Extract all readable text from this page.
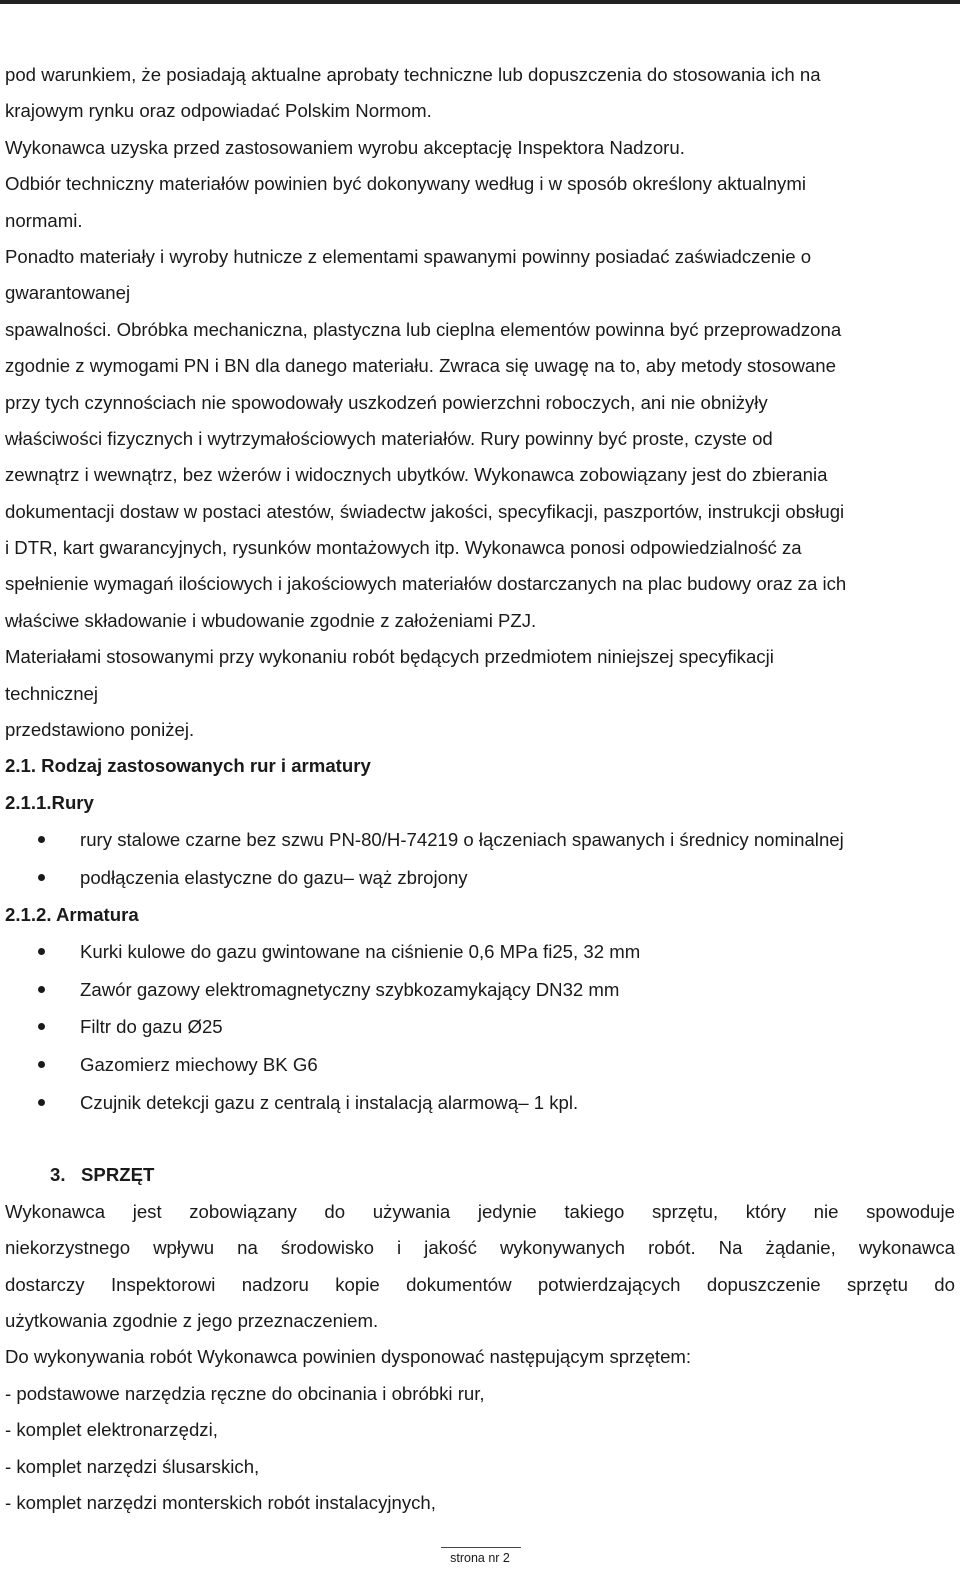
pod warunkiem, że posiadają aktualne aprobaty techniczne lub dopuszczenia do stosowania ich na
krajowym rynku oraz odpowiadać Polskim Normom.
Wykonawca uzyska przed zastosowaniem wyrobu akceptację Inspektora Nadzoru.
Odbiór techniczny materiałów powinien być dokonywany według i w sposób określony aktualnymi
normami.
Ponadto materiały i wyroby hutnicze z elementami spawanymi powinny posiadać zaświadczenie o
gwarantowanej
spawalności. Obróbka mechaniczna, plastyczna lub cieplna elementów powinna być przeprowadzona
zgodnie z wymogami PN i BN dla danego materiału. Zwraca się uwagę na to, aby metody stosowane
przy tych czynnościach nie spowodowały uszkodzeń powierzchni roboczych, ani nie obniżyły
właściwości fizycznych i wytrzymałościowych materiałów. Rury powinny być proste, czyste od
zewnątrz i wewnątrz, bez wżerów i widocznych ubytków. Wykonawca zobowiązany jest do zbierania
dokumentacji dostaw w postaci atestów, świadectw jakości, specyfikacji, paszportów, instrukcji obsługi
i DTR, kart gwarancyjnych, rysunków montażowych itp. Wykonawca ponosi odpowiedzialność za
spełnienie wymagań ilościowych i jakościowych materiałów dostarczanych na plac budowy oraz za ich
właściwe składowanie i wbudowanie zgodnie z założeniami PZJ.
Materiałami stosowanymi przy wykonaniu robót będących przedmiotem niniejszej specyfikacji
technicznej
przedstawiono poniżej.
2.1. Rodzaj zastosowanych rur i armatury
2.1.1.Rury
rury stalowe czarne bez szwu PN-80/H-74219 o łączeniach spawanych i średnicy nominalnej
podłączenia elastyczne do gazu– wąż zbrojony
2.1.2. Armatura
Kurki kulowe do gazu gwintowane na ciśnienie 0,6 MPa fi25, 32 mm
Zawór gazowy elektromagnetyczny szybkozamykający DN32 mm
Filtr do gazu Ø25
Gazomierz miechowy BK G6
Czujnik detekcji gazu z centralą i instalacją alarmową– 1 kpl.
3. SPRZĘT
Wykonawca jest zobowiązany do używania jedynie takiego sprzętu, który nie spowoduje
niekorzystnego wpływu na środowisko i jakość wykonywanych robót. Na żądanie, wykonawca
dostarczy Inspektorowi nadzoru kopie dokumentów potwierdzających dopuszczenie sprzętu do
użytkowania zgodnie z jego przeznaczeniem.
Do wykonywania robót Wykonawca powinien dysponować następującym sprzętem:
- podstawowe narzędzia ręczne do obcinania i obróbki rur,
- komplet elektronarzędzi,
- komplet narzędzi ślusarskich,
- komplet narzędzi monterskich robót instalacyjnych,
strona nr 2
